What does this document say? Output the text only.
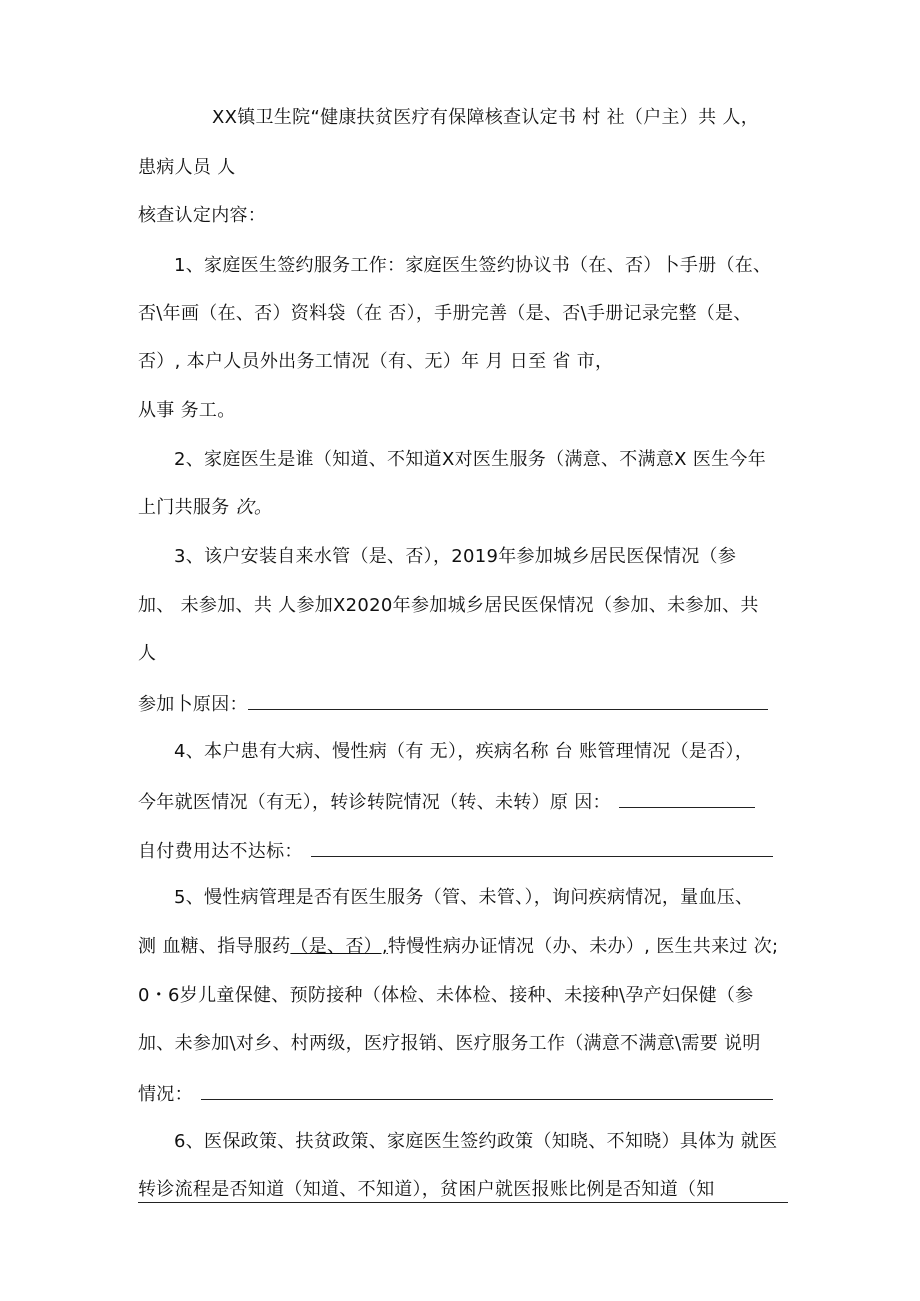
XX镇卫生院“健康扶贫医疗有保障核查认定书 村 社（户主）共 人，
患病人员 人
核查认定内容：
1、家庭医生签约服务工作：家庭医生签约协议书（在、否）卜手册（在、
否\年画（在、否）资料袋（在 否），手册完善（是、否\手册记录完整（是、
否）, 本户人员外出务工情况（有、无）年 月 日至 省 市，
从事 务工。
2、家庭医生是谁（知道、不知道X对医生服务（满意、不满意X 医生今年
上门共服务 次。
3、该户安装自来水管（是、否），2019年参加城乡居民医保情况（参
加、 未参加、共 人参加X2020年参加城乡居民医保情况（参加、未参加、共
人
参加卜原因：
4、本户患有大病、慢性病（有 无），疾病名称 台 账管理情况（是否），
今年就医情况（有无），转诊转院情况（转、未转）原 因：
自付费用达不达标：
5、慢性病管理是否有医生服务（管、未管、），询问疾病情况，量血压、
测 血糖、指导服药（是、否）,特慢性病办证情况（办、未办）, 医生共来过 次;
0・6岁儿童保健、预防接种（体检、未体检、接种、未接种\孕产妇保健（参
加、未参加\对乡、村两级，医疗报销、医疗服务工作（满意不满意\需要 说明
情况：
6、医保政策、扶贫政策、家庭医生签约政策（知晓、不知晓）具体为 就医
转诊流程是否知道（知道、不知道），贫困户就医报账比例是否知道（知
